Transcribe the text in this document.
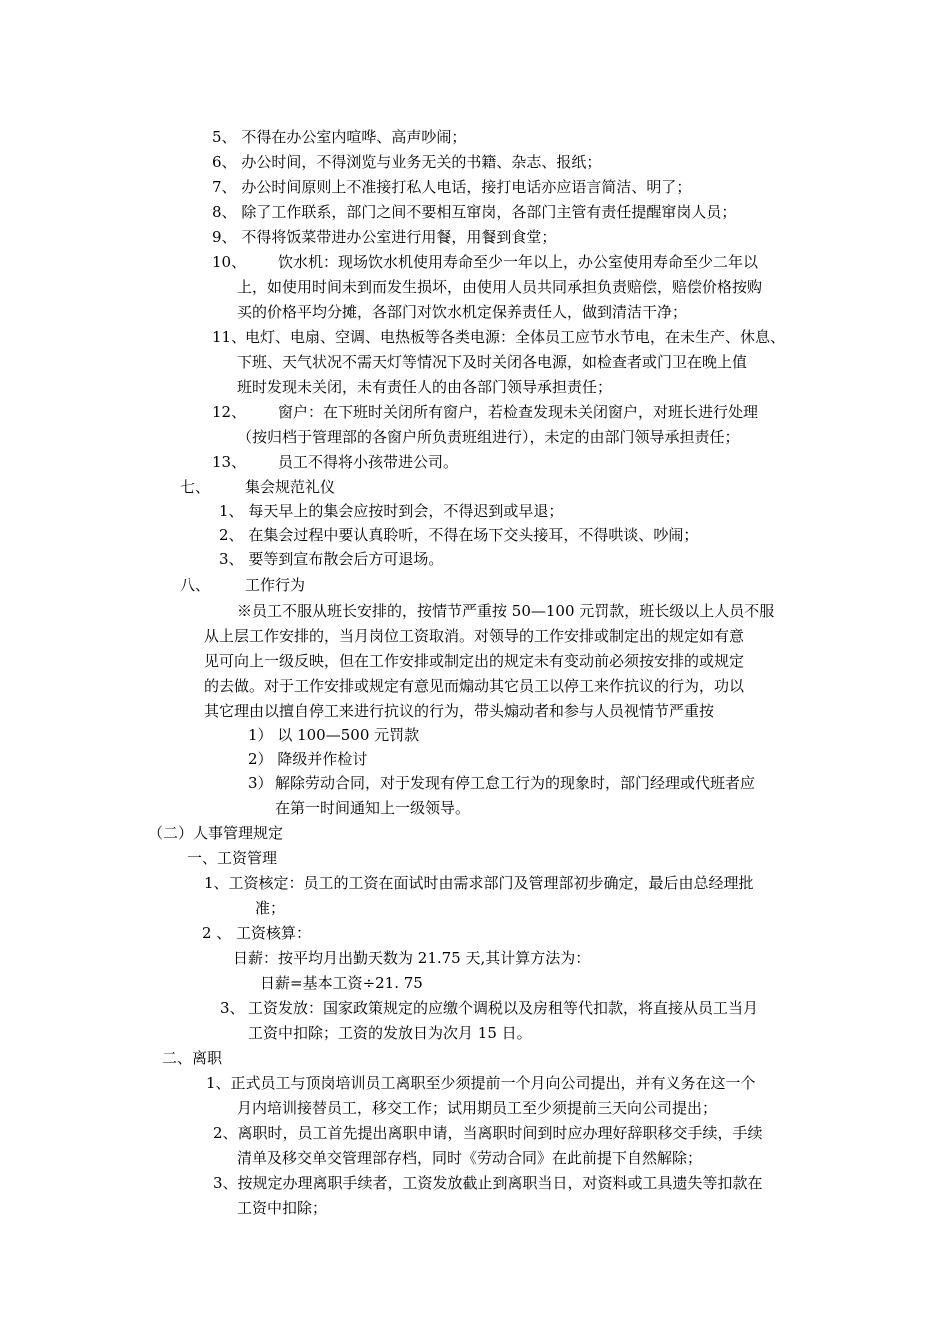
5、 不得在办公室内喧哗、高声吵闹；
6、 办公时间，不得浏览与业务无关的书籍、杂志、报纸；
7、 办公时间原则上不准接打私人电话，接打电话亦应语言简洁、明了；
8、 除了工作联系，部门之间不要相互窜岗，各部门主管有责任提醒窜岗人员；
9、 不得将饭菜带进办公室进行用餐，用餐到食堂；
10、 饮水机：现场饮水机使用寿命至少一年以上，办公室使用寿命至少二年以
上，如使用时间未到而发生损坏，由使用人员共同承担负责赔偿，赔偿价格按购
买的价格平均分摊，各部门对饮水机定保养责任人，做到清洁干净；
11、
电灯、电扇、空调、电热板等各类电源：全体员工应节水节电，在未生产、休息、
下班、天气状况不需天灯等情况下及时关闭各电源，如检查者或门卫在晚上值
班时发现未关闭，未有责任人的由各部门领导承担责任；
12、 窗户：在下班时关闭所有窗户，若检查发现未关闭窗户，对班长进行处理
（按归档于管理部的各窗户所负责班组进行），未定的由部门领导承担责任；
13、 员工不得将小孩带进公司。
七、 集会规范礼仪
1、 每天早上的集会应按时到会，不得迟到或早退；
2、 在集会过程中要认真聆听，不得在场下交头接耳，不得哄谈、吵闹；
3、 要等到宣布散会后方可退场。
八、 工作行为
※员工不服从班长安排的，按情节严重按 50—100 元罚款，班长级以上人员不服
从上层工作安排的，当月岗位工资取消。对领导的工作安排或制定出的规定如有意
见可向上一级反映，但在工作安排或制定出的规定未有变动前必须按安排的或规定
的去做。对于工作安排或规定有意见而煽动其它员工以停工来作抗议的行为，功以
其它理由以擅自停工来进行抗议的行为，带头煽动者和参与人员视情节严重按
1） 以 100—500 元罚款
2） 降级并作检讨
3） 解除劳动合同，对于发现有停工怠工行为的现象时，部门经理或代班者应
在第一时间通知上一级领导。
（二）人事管理规定
一、工资管理
1、工资核定：员工的工资在面试时由需求部门及管理部初步确定，最后由总经理批
准；
2 、 工资核算：
日薪：按平均月出勤天数为 21.75 天,其计算方法为：
日薪=基本工资÷21. 75
3、 工资发放：国家政策规定的应缴个调税以及房租等代扣款，将直接从员工当月
工资中扣除；工资的发放日为次月 15 日。
二、离职
1、正式员工与顶岗培训员工离职至少须提前一个月向公司提出，并有义务在这一个
月内培训接替员工，移交工作；试用期员工至少须提前三天向公司提出；
2、离职时，员工首先提出离职申请，当离职时间到时应办理好辞职移交手续，手续
清单及移交单交管理部存档，同时《劳动合同》在此前提下自然解除；
3、按规定办理离职手续者，工资发放截止到离职当日，对资料或工具遗失等扣款在
工资中扣除；
